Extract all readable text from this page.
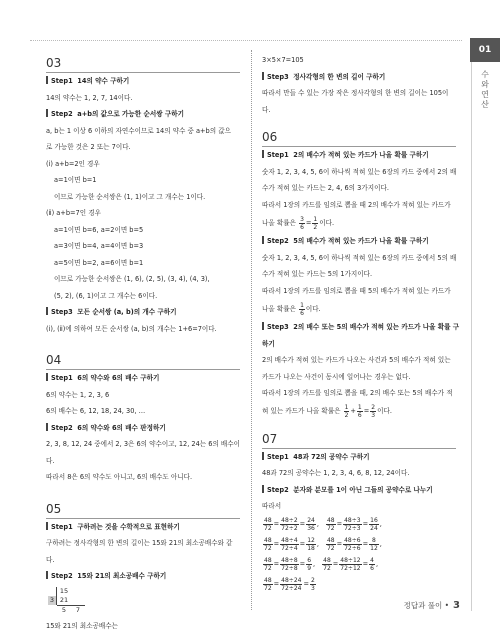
01
수와 연산
03
Step1 14의 약수 구하기
14의 약수는 1, 2, 7, 14이다.
Step2 a+b의 값으로 가능한 순서쌍 구하기
a, b는 1 이상 6 이하의 자연수이므로 14의 약수 중 a+b의 값으
로 가능한 것은 2 또는 7이다.
(ⅰ) a+b=2인 경우
a=1이면 b=1
이므로 가능한 순서쌍은 (1, 1)이고 그 개수는 1이다.
(ⅱ) a+b=7인 경우
a=1이면 b=6, a=2이면 b=5
a=3이면 b=4, a=4이면 b=3
a=5이면 b=2, a=6이면 b=1
이므로 가능한 순서쌍은 (1, 6), (2, 5), (3, 4), (4, 3),
(5, 2), (6, 1)이고 그 개수는 6이다.
Step3 모든 순서쌍 (a, b)의 개수 구하기
(ⅰ), (ⅱ)에 의하여 모든 순서쌍 (a, b)의 개수는 1+6=7이다.
04
Step1 6의 약수와 6의 배수 구하기
6의 약수는 1, 2, 3, 6
6의 배수는 6, 12, 18, 24, 30, …
Step2 6의 약수와 6의 배수 판정하기
2, 3, 8, 12, 24 중에서 2, 3은 6의 약수이고, 12, 24는 6의 배수이
다.
따라서 8은 6의 약수도 아니고, 6의 배수도 아니다.
05
Step1 구하려는 것을 수학적으로 표현하기
구하려는 정사각형의 한 변의 길이는 15와 21의 최소공배수와 같
다.
Step2 15와 21의 최소공배수 구하기
$\frac{31521}{5 7}$
15와 21의 최소공배수는
3×5×7=105
Step3 정사각형의 한 변의 길이 구하기
따라서 만들 수 있는 가장 작은 정사각형의 한 변의 길이는 105이
다.
06
Step1 2의 배수가 적혀 있는 카드가 나올 확률 구하기
숫자 1, 2, 3, 4, 5, 6이 하나씩 적혀 있는 6장의 카드 중에서 2의 배
수가 적혀 있는 카드는 2, 4, 6의 3가지이다.
따라서 1장의 카드를 임의로 뽑을 때 2의 배수가 적혀 있는 카드가
나올 확률은
$\frac{3}{6} = \frac{1}{2}$ 이다.
Step2 5의 배수가 적혀 있는 카드가 나올 확률 구하기
숫자 1, 2, 3, 4, 5, 6이 하나씩 적혀 있는 6장의 카드 중에서 5의 배
수가 적혀 있는 카드는 5의 1가지이다.
따라서 1장의 카드를 임의로 뽑을 때 5의 배수가 적혀 있는 카드가
나올 확률은
$\frac{1}{6}$ 이다.
Step3 2의 배수 또는 5의 배수가 적혀 있는 카드가 나올 확률 구
하기
2의 배수가 적혀 있는 카드가 나오는 사건과 5의 배수가 적혀 있는
카드가 나오는 사건이 동시에 일어나는 경우는 없다.
따라서 1장의 카드를 임의로 뽑을 때, 2의 배수 또는 5의 배수가 적
혀 있는 카드가 나올 확률은
$\frac{1}{2} + \frac{1}{6} = \frac{2}{3}$ 이다.
07
Step1 48과 72의 공약수 구하기
48과 72의 공약수는 1, 2, 3, 4, 6, 8, 12, 24이다.
Step2 분자와 분모를 1이 아닌 그들의 공약수로 나누기
따라서
$\frac{48}{72} = \frac{48\div 2}{72\div 2} = \frac{24}{36}$ , $\frac{48}{72} = \frac{48\div 3}{72\div 3} = \frac{16}{24}$ ,
$\frac{48}{72} = \frac{48\div 4}{72\div 4} = \frac{12}{18}$ , $\frac{48}{72} = \frac{48\div 6}{72\div 6} = \frac{8}{12}$ ,
$\frac{48}{72} = \frac{48\div 8}{72\div 8} = \frac{6}{9}$ , $\frac{48}{72} = \frac{48\div 12}{72\div 12} = \frac{4}{6}$ ,
$\frac{48}{72} = \frac{48\div 24}{72\div 24} = \frac{2}{3}$
정답과 풀이 • 3
